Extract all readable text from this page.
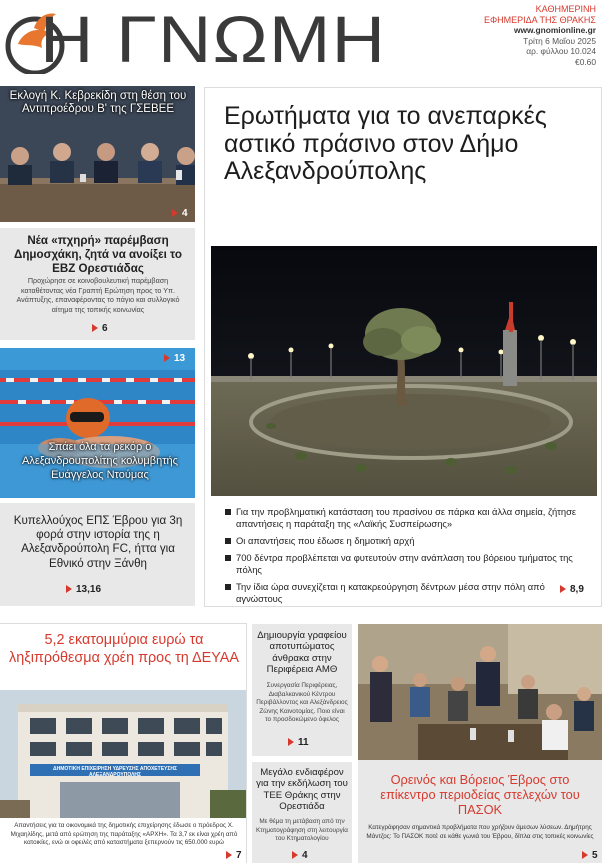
Η ΓΝΩΜΗ	ΚΑΘΗΜΕΡΙΝΗ
ΕΦΗΜΕΡΙΔΑ ΤΗΣ ΘΡΑΚΗΣ
www.gnomionline.gr
Τρίτη 6 Μαΐου 2025
αρ. φύλλου 10.024
€0.60
Εκλογή Κ. Κεβρεκίδη στη θέση του Αντιπροέδρου Β' της ΓΣΕΒΕΕ
4
Νέα «πχηρή» παρέμβαση Δημοσχάκη, ζητά να ανοίξει το ΕΒΖ Ορεστιάδας
Προχώρησε σε κοινοβουλευτική παρέμβαση καταθέτοντας νέα Γραπτή Ερώτηση προς το Υπ. Ανάπτυξης, επαναφέροντας το πάγιο και συλλογικό αίτημα της τοπικής κοινωνίας
6
13
Σπάει όλα τα ρεκόρ ο Αλεξανδρουπολίτης κολυμβητής Ευάγγελος Ντούμας
Κυπελλούχος ΕΠΣ Έβρου για 3η φορά στην ιστορία της η Αλεξανδρούπολη FC, ήττα για Εθνικό στην Ξάνθη
13,16
Ερωτήματα για το ανεπαρκές αστικό πράσινο στον Δήμο Αλεξανδρούπολης
Για την προβληματική κατάσταση του πρασίνου σε πάρκα και άλλα σημεία, ζήτησε απαντήσεις η παράταξη της «Λαϊκής Συσπείρωσης»
Οι απαντήσεις που έδωσε η δημοτική αρχή
700 δέντρα προβλέπεται να φυτευτούν στην ανάπλαση του βόρειου τμήματος της πόλης
Την ίδια ώρα συνεχίζεται η κατακρεούργηση δέντρων μέσα στην πόλη από αγνώστους
8,9
5,2 εκατομμύρια ευρώ τα ληξιπρόθεσμα χρέη προς τη ΔΕΥΑΑ
ΔΗΜΟΤΙΚΗ ΕΠΙΧΕΙΡΗΣΗ ΥΔΡΕΥΣΗΣ ΑΠΟΧΕΤΕΥΣΗΣ ΑΛΕΞΑΝΔΡΟΥΠΟΛΗΣ
Απαντήσεις για τα οικονομικά της δημοτικής επιχείρησης έδωσε ο πρόεδρος Χ. Μιχαηλίδης, μετά από ερώτηση της παράταξης «ΑΡΧΗ». Τα 3,7 εκ είναι χρέη από κατοικίες, ενώ οι οφειλές από καταστήματα ξεπερνούν τις 650.000 ευρώ
7
Δημιουργία γραφείου αποτυπώματος άνθρακα στην Περιφέρεια ΑΜΘ
Συνεργασία Περιφέρειας, Διαβαλκανικού Κέντρου Περιβάλλοντος και Αλεξάνδρειος Ζώνης Καινοτομίας. Ποιο είναι το προσδοκώμενο όφελος
11
Μεγάλο ενδιαφέρον για την εκδήλωση του ΤΕΕ Θράκης στην Ορεστιάδα
Με θέμα τη μετάβαση από την Κτηματογράφηση στη λειτουργία του Κτηματολογίου
4
Ορεινός και Βόρειος Έβρος στο επίκεντρο περιοδείας στελεχών του ΠΑΣΟΚ
Κατεγράφησαν σημαντικά προβλήματα που χρήζουν άμεσων λύσεων. Δημήτρης Μάντζος: Το ΠΑΣΟΚ ποτέ σε κάθε γωνιά του Έβρου, δίπλα στις τοπικές κοινωνίες
5
